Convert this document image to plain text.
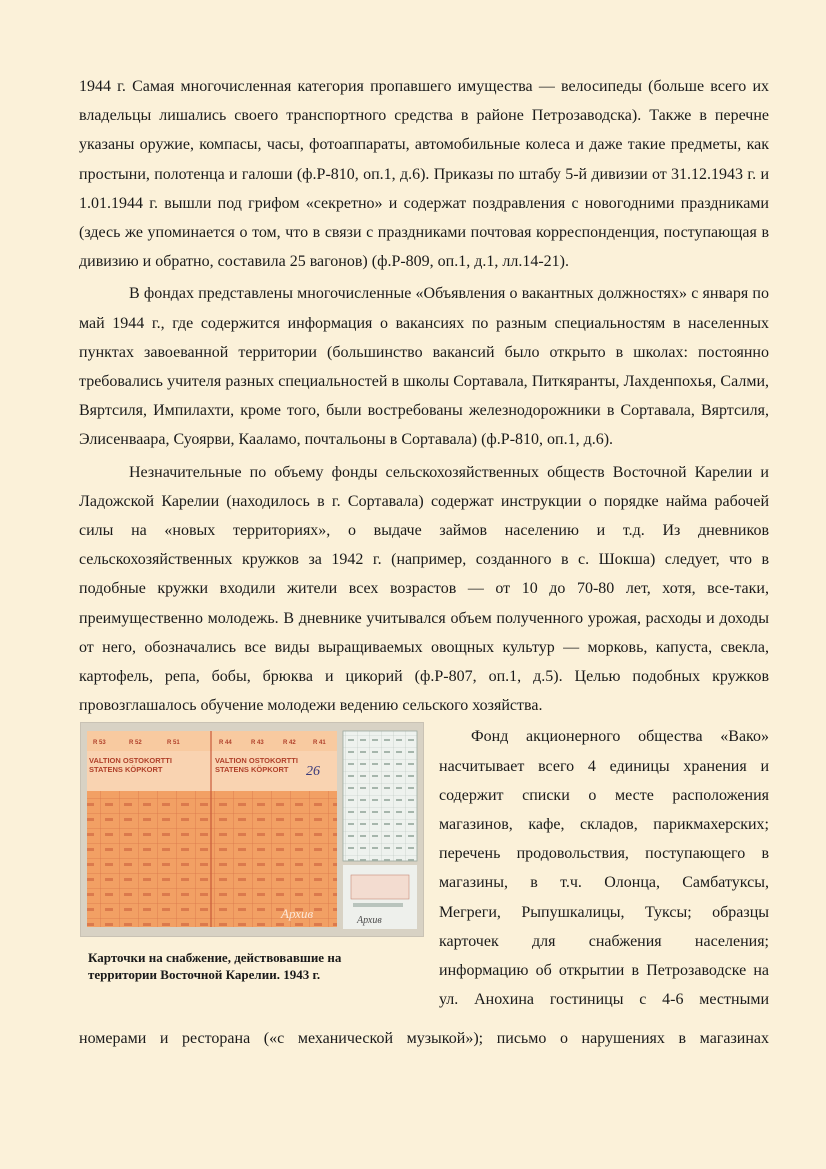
1944 г. Самая многочисленная категория пропавшего имущества — велосипеды (больше всего их владельцы лишались своего транспортного средства в районе Петрозаводска). Также в перечне указаны оружие, компасы, часы, фотоаппараты, автомобильные колеса и даже такие предметы, как простыни, полотенца и галоши (ф.Р-810, оп.1, д.6). Приказы по штабу 5-й дивизии от 31.12.1943 г. и 1.01.1944 г. вышли под грифом «секретно» и содержат поздравления с новогодними праздниками (здесь же упоминается о том, что в связи с праздниками почтовая корреспонденция, поступающая в дивизию и обратно, составила 25 вагонов) (ф.Р-809, оп.1, д.1, лл.14-21).

В фондах представлены многочисленные «Объявления о вакантных должностях» с января по май 1944 г., где содержится информация о вакансиях по разным специальностям в населенных пунктах завоеванной территории (большинство вакансий было открыто в школах: постоянно требовались учителя разных специальностей в школы Сортавала, Питкяранты, Лахденпохья, Салми, Вяртсиля, Импилахти, кроме того, были востребованы железнодорожники в Сортавала, Вяртсиля, Элисенваара, Суоярви, Кааламо, почтальоны в Сортавала) (ф.Р-810, оп.1, д.6).

Незначительные по объему фонды сельскохозяйственных обществ Восточной Карелии и Ладожской Карелии (находилось в г. Сортавала) содержат инструкции о порядке найма рабочей силы на «новых территориях», о выдаче займов населению и т.д. Из дневников сельскохозяйственных кружков за 1942 г. (например, созданного в с. Шокша) следует, что в подобные кружки входили жители всех возрастов — от 10 до 70-80 лет, хотя, все-таки, преимущественно молодежь. В дневнике учитывался объем полученного урожая, расходы и доходы от него, обозначались все виды выращиваемых овощных культур — морковь, капуста, свекла, картофель, репа, бобы, брюква и цикорий (ф.Р-807, оп.1, д.5). Целью подобных кружков провозглашалось обучение молодежи ведению сельского хозяйства.

R 53	R 52	R 51	R 44	R 43	R 42	R 41
VALTION OSTOKORTTI
STATENS KÖPKORT
VALTION OSTOKORTTI
STATENS KÖPKORT 26
Архив
Архив
Карточки на снабжение, действовавшие на территории Восточной Карелии. 1943 г.

Фонд акционерного общества «Вако»

насчитывает всего 4 единицы хранения и

содержит списки о месте расположения

магазинов, кафе, складов, парикмахерских;

перечень продовольствия, поступающего в

магазины, в т.ч. Олонца, Самбатуксы,

Мегреги, Рыпушкалицы, Туксы; образцы

карточек для снабжения населения;

информацию об открытии в Петрозаводске на

ул. Анохина гостиницы с 4-6 местными

номерами и ресторана («с механической музыкой»); письмо о нарушениях в магазинах
